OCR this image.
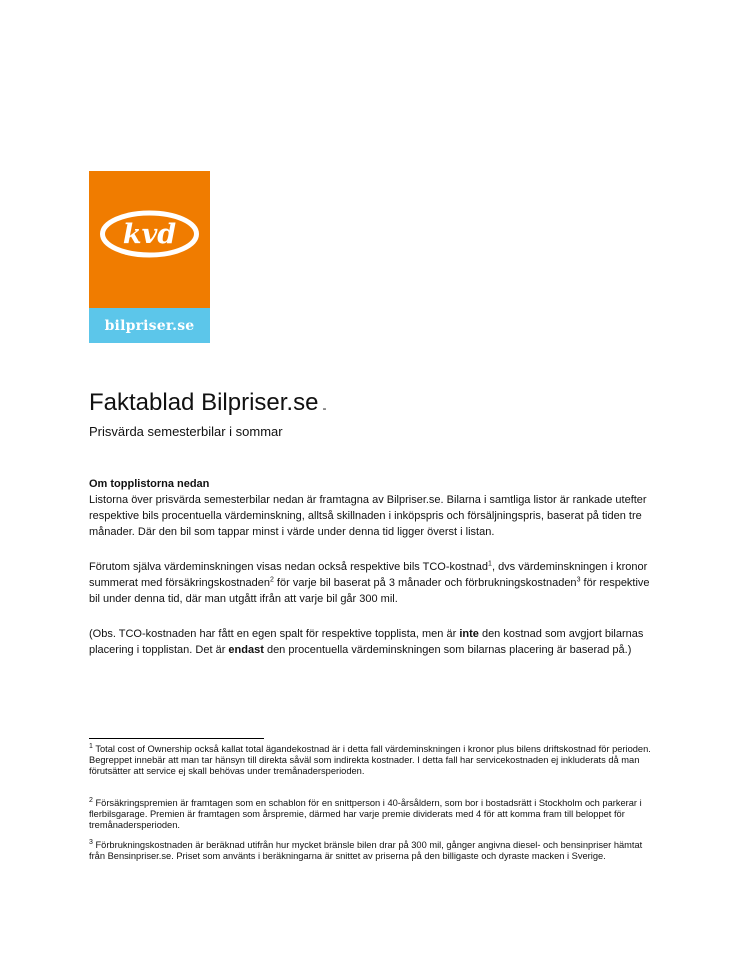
kvd
bilpriser.se
Faktablad Bilpriser.se -
Prisvärda semesterbilar i sommar
Om topplistorna nedan
Listorna över prisvärda semesterbilar nedan är framtagna av Bilpriser.se. Bilarna i samtliga listor är rankade utefter respektive bils procentuella värdeminskning, alltså skillnaden i inköpspris och försäljningspris, baserat på tiden tre månader. Där den bil som tappar minst i värde under denna tid ligger överst i listan.
Förutom själva värdeminskningen visas nedan också respektive bils TCO-kostnad$^1$, dvs värdeminskningen i kronor summerat med försäkringskostnaden$^2$ för varje bil baserat på 3 månader och förbrukningskostnaden$^3$ för respektive bil under denna tid, där man utgått ifrån att varje bil går 300 mil.
(Obs. TCO-kostnaden har fått en egen spalt för respektive topplista, men är inte den kostnad som avgjort bilarnas placering i topplistan. Det är endast den procentuella värdeminskningen som bilarnas placering är baserad på.)
$^1$ Total cost of Ownership också kallat total ägandekostnad är i detta fall värdeminskningen i kronor plus bilens driftskostnad för perioden. Begreppet innebär att man tar hänsyn till direkta såväl som indirekta kostnader. I detta fall har servicekostnaden ej inkluderats då man förutsätter att service ej skall behövas under tremånadersperioden.
$^2$ Försäkringspremien är framtagen som en schablon för en snittperson i 40-årsåldern, som bor i bostadsrätt i Stockholm och parkerar i flerbilsgarage. Premien är framtagen som årspremie, därmed har varje premie dividerats med 4 för att komma fram till beloppet för tremånadersperioden.
$^3$ Förbrukningskostnaden är beräknad utifrån hur mycket bränsle bilen drar på 300 mil, gånger angivna diesel- och bensinpriser hämtat från Bensinpriser.se. Priset som använts i beräkningarna är snittet av priserna på den billigaste och dyraste macken i Sverige.
